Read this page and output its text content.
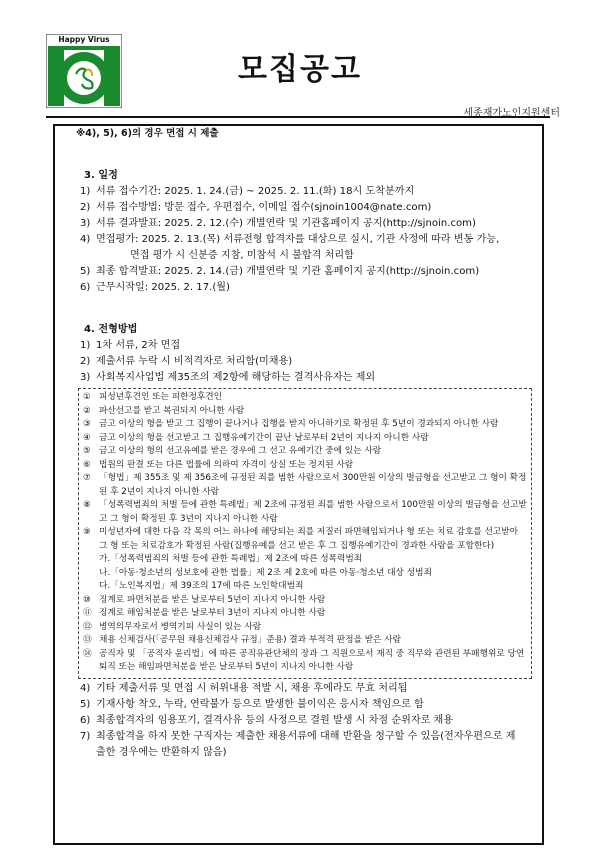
Happy Virus
모집공고
세종재가노인지원센터
※4), 5), 6)의 경우 면접 시 제출
3. 일정
1) 서류 접수기간: 2025. 1. 24.(금) ~ 2025. 2. 11.(화) 18시 도착분까지
2) 서류 접수방법: 방문 접수, 우편접수, 이메일 접수(sjnoin1004@nate.com)
3) 서류 결과발표: 2025. 2. 12.(수) 개별연락 및 기관홈페이지 공지(http://sjnoin.com)
4) 면접평가: 2025. 2. 13.(목) 서류전형 합격자를 대상으로 실시, 기관 사정에 따라 변동 가능,
면접 평가 시 신분증 지참, 미참석 시 불합격 처리함
5) 최종 합격발표: 2025. 2. 14.(금) 개별연락 및 기관 홈페이지 공지(http://sjnoin.com)
6) 근무시작일: 2025. 2. 17.(월)
4. 전형방법
1) 1차 서류, 2차 면접
2) 제출서류 누락 시 비적격자로 처리함(미채용)
3) 사회복지사업법 제35조의 제2항에 해당하는 결격사유자는 제외
① 피성년후견인 또는 피한정후견인
② 파산선고를 받고 복권되지 아니한 사람
③ 금고 이상의 형을 받고 그 집행이 끝나거나 집행을 받지 아니하기로 확정된 후 5년이 경과되지 아니한 사람
④ 금고 이상의 형을 선고받고 그 집행유예기간이 끝난 날로부터 2년이 지나지 아니한 사람
⑤ 금고 이상의 형의 선고유예를 받은 경우에 그 선고 유예기간 중에 있는 사람
⑥ 법원의 판결 또는 다른 법률에 의하여 자격이 상실 또는 정지된 사람
⑦ 「형법」제 355조 및 제 356조에 규정된 죄를 범한 사람으로서 300만원 이상의 벌금형을 선고받고 그 형이 확정된 후 2년이 지나지 아니한 사람
⑧ 「성폭력범죄의 처벌 등에 관한 특례법」제 2조에 규정된 죄를 범한 사람으로서 100만원 이상의 벌금형을 선고받고 그 형이 확정된 후 3년이 지나지 아니한 사람
⑨ 미성년자에 대한 다음 각 목의 어느 하나에 해당되는 죄를 저질러 파면해임되거나 형 또는 치료 감호를 선고받아 그 형 또는 치료감호가 확정된 사람(집행유예를 선고 받은 후 그 집행유예기간이 경과한 사람을 포함한다)
가.「성폭력범죄의 처벌 등에 관한 특례법」제 2조에 따른 성폭력범죄
나.「아동·청소년의 성보호에 관한 법률」제 2조 제 2호에 따른 아동·청소년 대상 성범죄
다.「노인복지법」제 39조의 17에 따른 노인학대범죄
⑩ 징계로 파면처분을 받은 날로부터 5년이 지나지 아니한 사람
⑪ 징계로 해임처분을 받은 날로부터 3년이 지나지 아니한 사람
⑫ 병역의무자로서 병역기피 사실이 있는 사람
⑬ 채용 신체검사(「공무원 채용신체검사 규정」준용) 결과 부적격 판정을 받은 사람
⑭ 공직자 및 「공직자 윤리법」에 따른 공직유관단체의 장과 그 직원으로서 재직 중 직무와 관련된 부패행위로 당연퇴직 또는 해임파면처분을 받은 날로부터 5년이 지나지 아니한 사람
4) 기타 제출서류 및 면접 시 허위내용 적발 시, 채용 후에라도 무효 처리됨
5) 기재사항 착오, 누락, 연락불가 등으로 발생한 불이익은 응시자 책임으로 함
6) 최종합격자의 임용포기, 결격사유 등의 사정으로 결원 발생 시 차점 순위자로 채용
7) 최종합격을 하지 못한 구직자는 제출한 채용서류에 대해 반환을 청구할 수 있음(전자우편으로 제
출한 경우에는 반환하지 않음)
